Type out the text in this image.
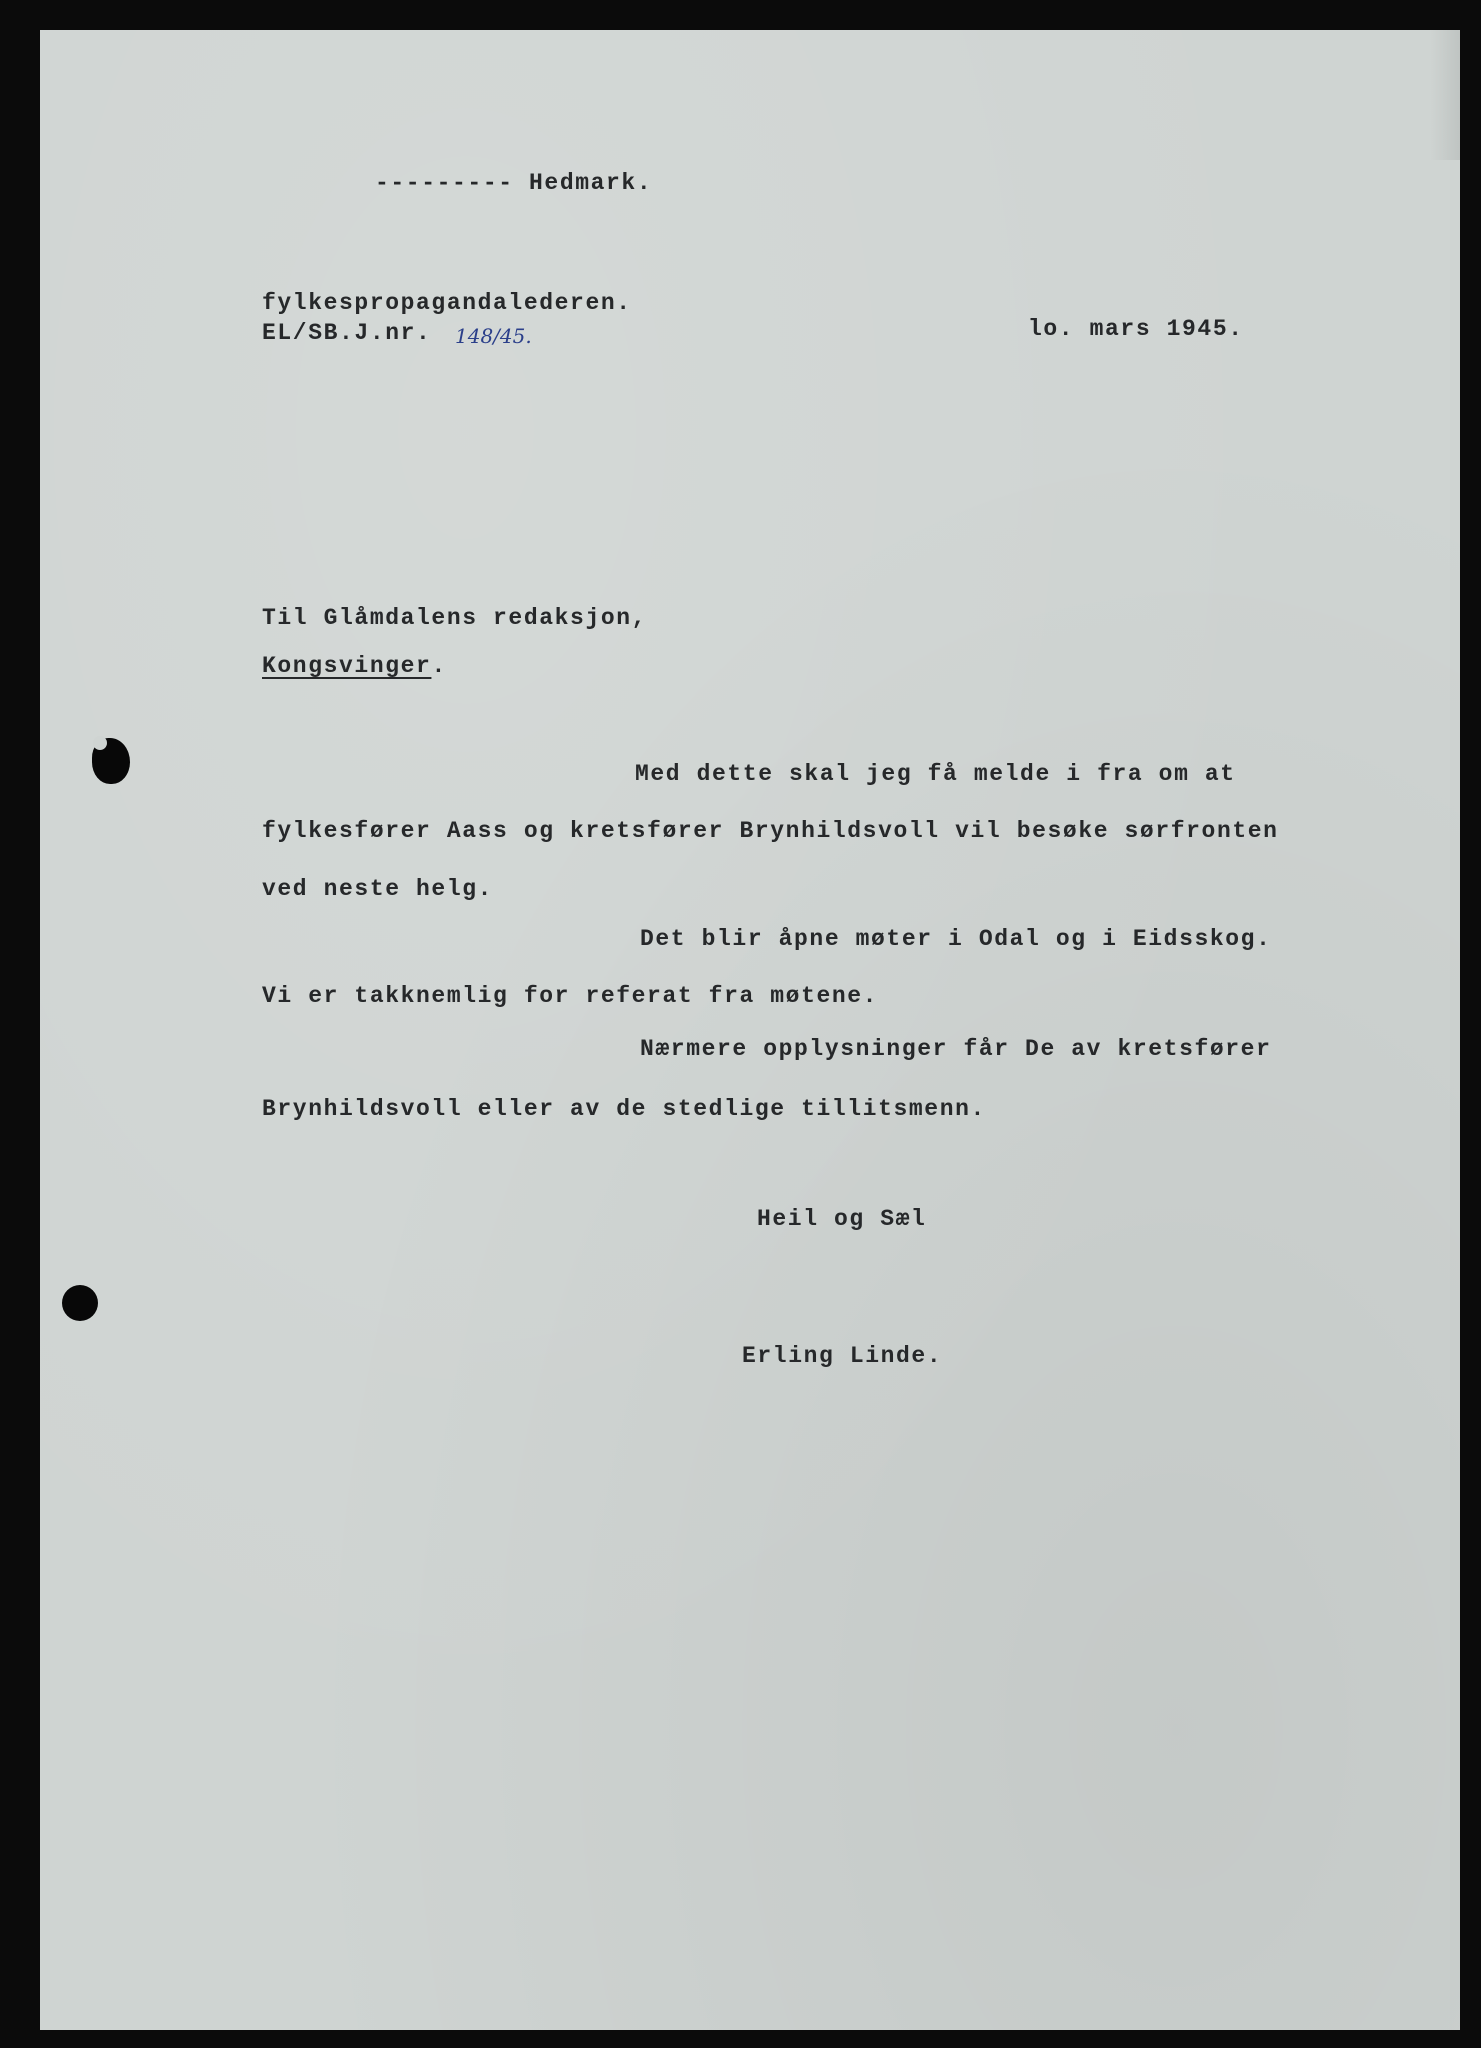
--------- Hedmark.
fylkespropagandalederen.
EL/SB.J.nr. 148/45.	lo. mars 1945.
Til Glåmdalens redaksjon,
Kongsvinger.
Med dette skal jeg få melde i fra om at
fylkesfører Aass og kretsfører Brynhildsvoll vil besøke sørfronten
ved neste helg.
Det blir åpne møter i Odal og i Eidsskog.
Vi er takknemlig for referat fra møtene.
Nærmere opplysninger får De av kretsfører
Brynhildsvoll eller av de stedlige tillitsmenn.
Heil og Sæl
Erling Linde.
